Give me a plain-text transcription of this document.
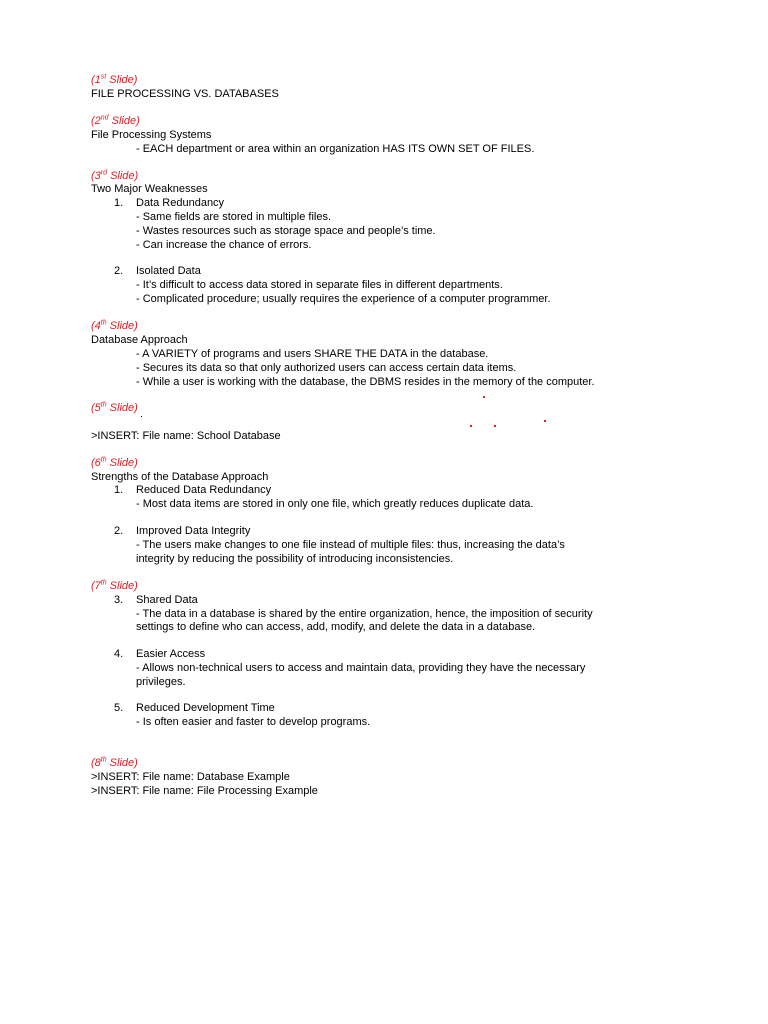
(1st Slide)
FILE PROCESSING VS. DATABASES
(2nd Slide)
File Processing Systems
- EACH department or area within an organization HAS ITS OWN SET OF FILES.
(3rd Slide)
Two Major Weaknesses
1. Data Redundancy
- Same fields are stored in multiple files.
- Wastes resources such as storage space and people’s time.
- Can increase the chance of errors.
2. Isolated Data
- It’s difficult to access data stored in separate files in different departments.
- Complicated procedure; usually requires the experience of a computer programmer.
(4th Slide)
Database Approach
- A VARIETY of programs and users SHARE THE DATA in the database.
- Secures its data so that only authorized users can access certain data items.
- While a user is working with the database, the DBMS resides in the memory of the computer.
(5th Slide)
>INSERT: File name: School Database
(6th Slide)
Strengths of the Database Approach
1. Reduced Data Redundancy
- Most data items are stored in only one file, which greatly reduces duplicate data.
2. Improved Data Integrity
- The users make changes to one file instead of multiple files: thus, increasing the data’s
integrity by reducing the possibility of introducing inconsistencies.
(7th Slide)
3. Shared Data
- The data in a database is shared by the entire organization, hence, the imposition of security
settings to define who can access, add, modify, and delete the data in a database.
4. Easier Access
- Allows non-technical users to access and maintain data, providing they have the necessary
privileges.
5. Reduced Development Time
- Is often easier and faster to develop programs.
(8th Slide)
>INSERT: File name: Database Example
>INSERT: File name: File Processing Example
